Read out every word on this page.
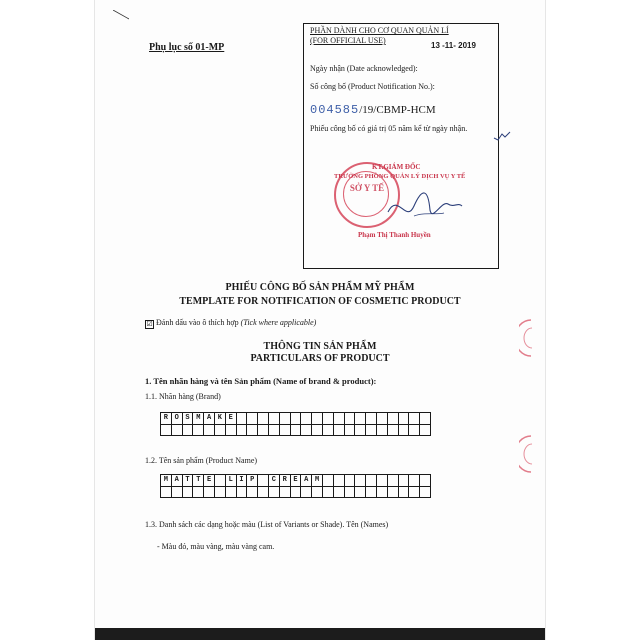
Phụ lục số 01-MP
PHẦN DÀNH CHO CƠ QUAN QUẢN LÍ
(FOR OFFICIAL USE)
13 -11- 2019
Ngày nhận (Date acknowledged):
Số công bố (Product Notification No.):
004585/19/CBMP-HCM
Phiếu công bố có giá trị 05 năm kể từ ngày nhận.
SỞ Y TẾ
KT.GIÁM ĐỐC
TRƯỞNG PHÒNG QUẢN LÝ DỊCH VỤ Y TẾ
Phạm Thị Thanh Huyền
PHIẾU CÔNG BỐ SẢN PHẨM MỸ PHẨM
TEMPLATE FOR NOTIFICATION OF COSMETIC PRODUCT
☑ Đánh dấu vào ô thích hợp (Tick where applicable)
THÔNG TIN SẢN PHẨM
PARTICULARS OF PRODUCT
1. Tên nhãn hàng và tên Sản phẩm (Name of brand & product):
1.1. Nhãn hàng (Brand)
R	O	S	M	A	K	E																		

1.2. Tên sản phẩm (Product Name)
M	A	T	T	E		L	I	P		C	R	E	A	M										

1.3. Danh sách các dạng hoặc màu (List of Variants or Shade). Tên (Names)
- Màu đỏ, màu vàng, màu vàng cam.
